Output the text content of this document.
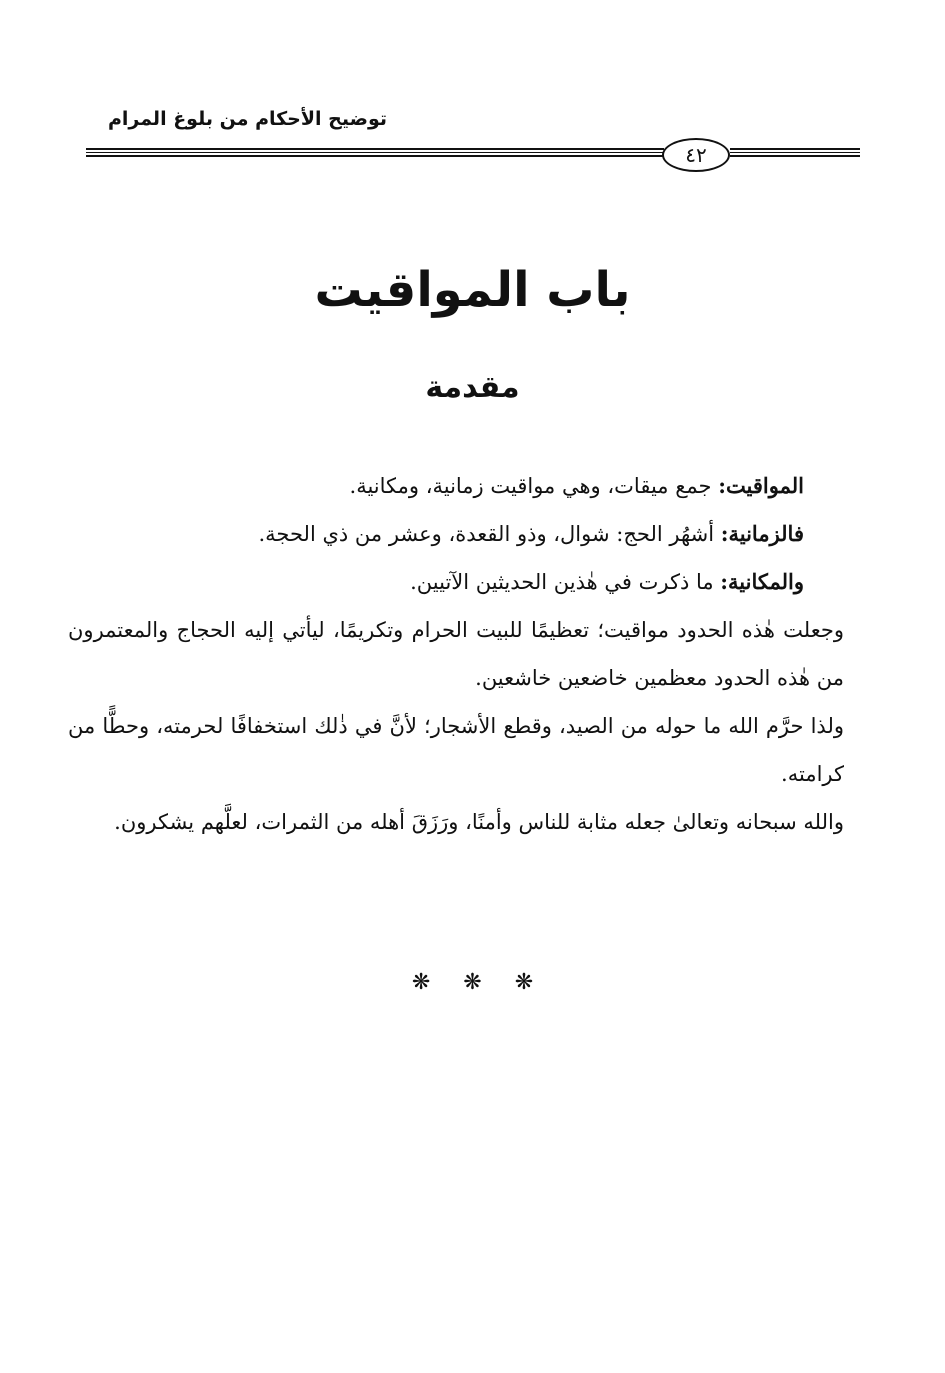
توضيح الأحكام من بلوغ المرام
٤٢
باب المواقيت
مقدمة

المواقيت: جمع ميقات، وهي مواقيت زمانية، ومكانية.

فالزمانية: أشهُر الحج: شوال، وذو القعدة، وعشر من ذي الحجة.

والمكانية: ما ذكرت في هٰذين الحديثين الآتيين.

وجعلت هٰذه الحدود مواقيت؛ تعظيمًا للبيت الحرام وتكريمًا، ليأتي إليه الحجاج والمعتمرون من هٰذه الحدود معظمين خاضعين خاشعين.

ولذا حرَّم الله ما حوله من الصيد، وقطع الأشجار؛ لأنَّ في ذٰلك استخفافًا لحرمته، وحطًّا من كرامته.

والله سبحانه وتعالىٰ جعله مثابة للناس وأمنًا، ورَزَقَ أهله من الثمرات، لعلَّهم يشكرون.

❋ ❋ ❋
